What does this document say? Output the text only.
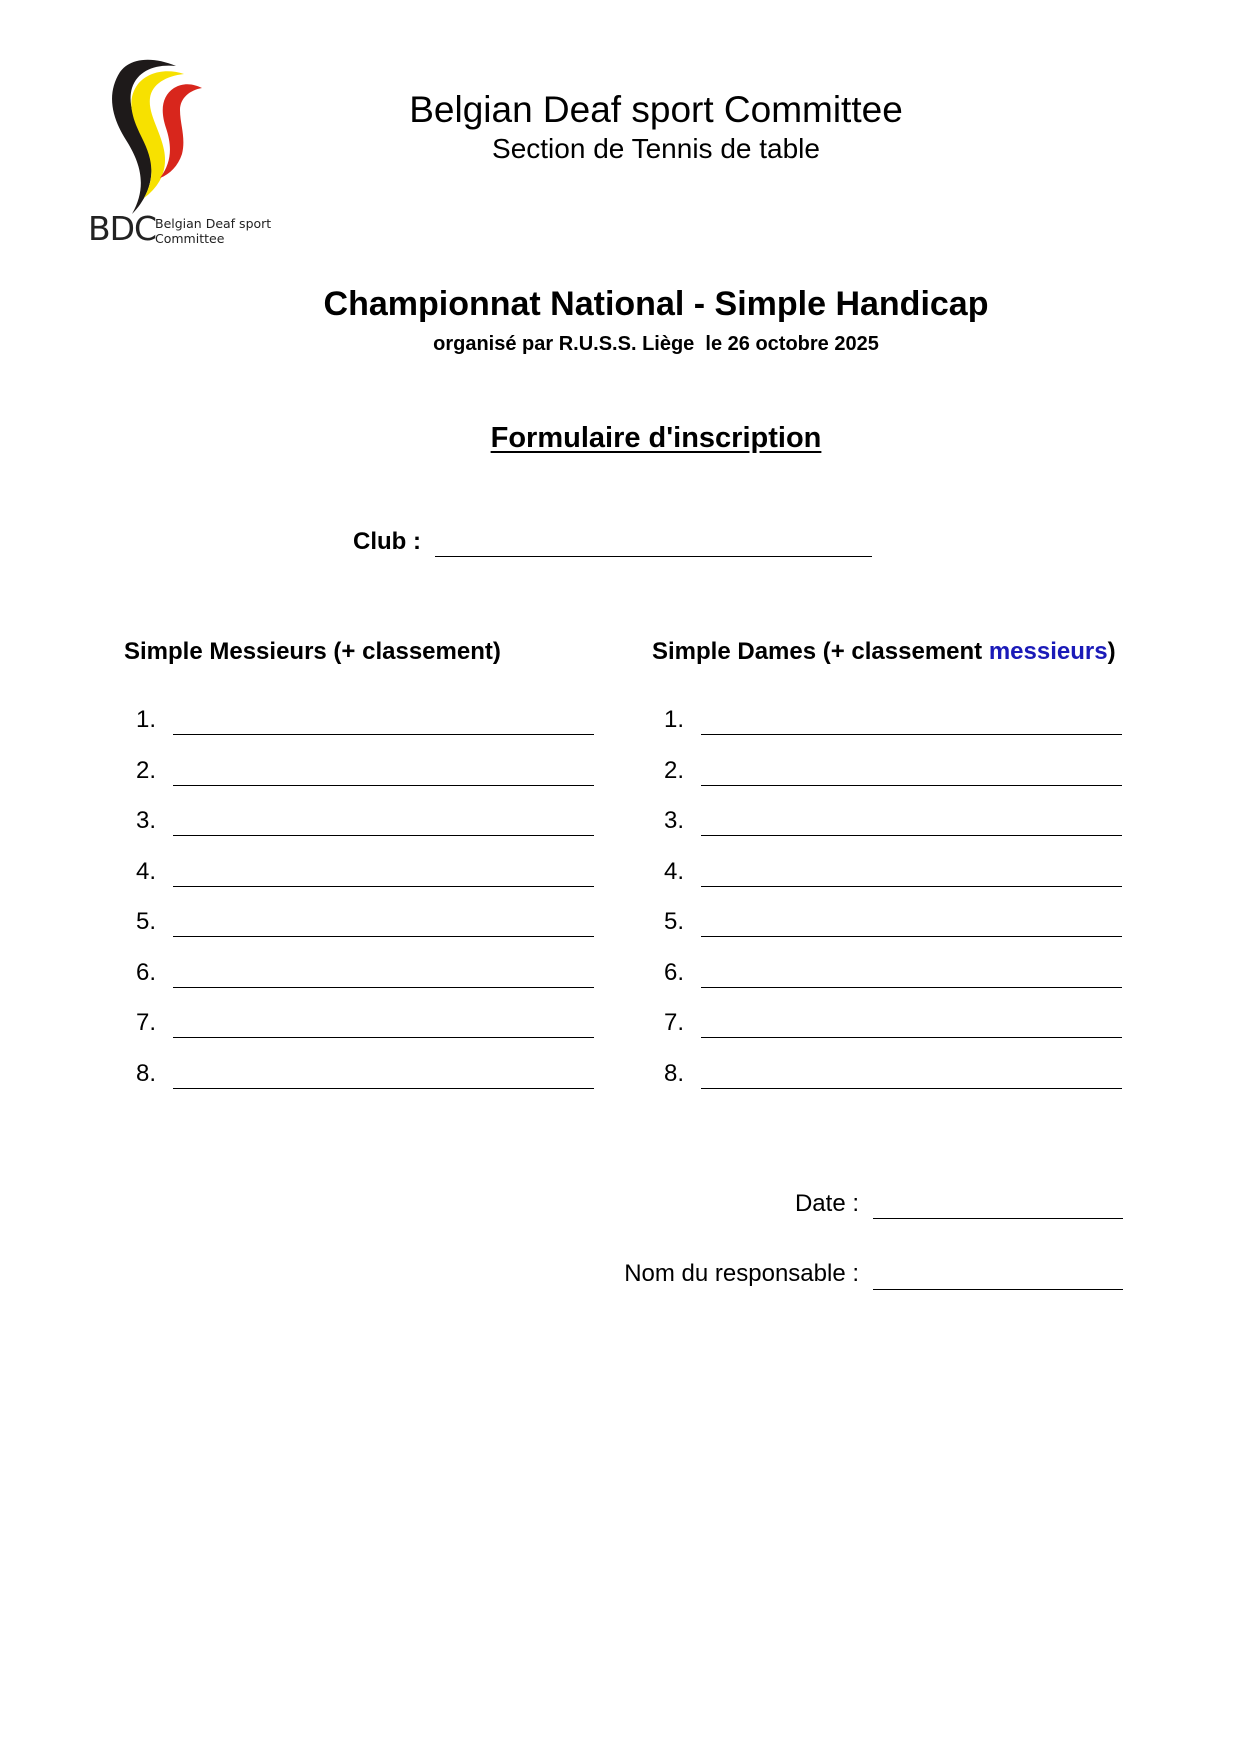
BDC
Belgian Deaf sport
Committee
Belgian Deaf sport Committee
Section de Tennis de table
Championnat National - Simple Handicap
organisé par R.U.S.S. Liège  le 26 octobre 2025
Formulaire d'inscription
Club :
Simple Messieurs (+ classement)
1.
2.
3.
4.
5.
6.
7.
8.
Simple Dames (+ classement messieurs)
1.
2.
3.
4.
5.
6.
7.
8.
Date :
Nom du responsable :
